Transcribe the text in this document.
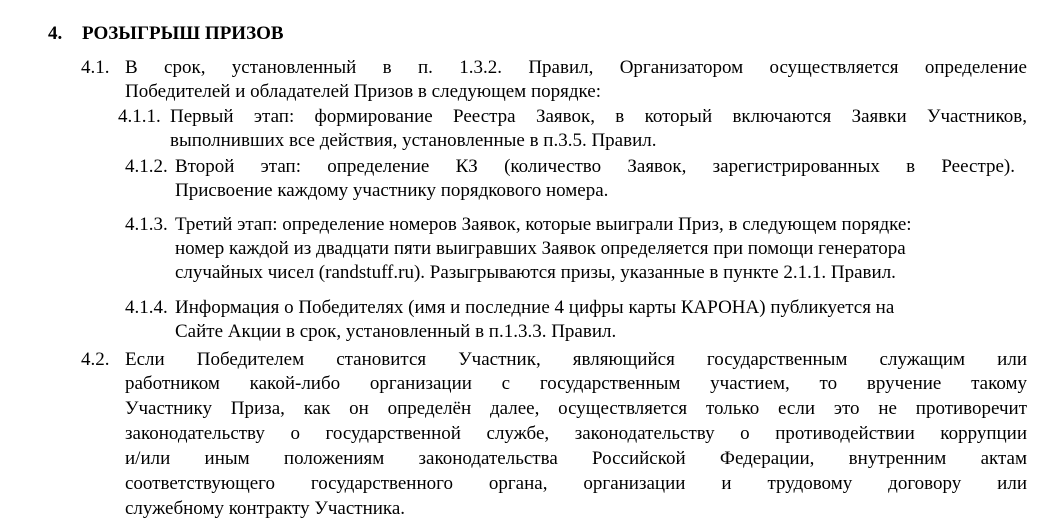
4. РОЗЫГРЫШ ПРИЗОВ
4.1. В срок, установленный в п. 1.3.2. Правил, Организатором осуществляется определение
Победителей и обладателей Призов в следующем порядке:
4.1.1. Первый этап: формирование Реестра Заявок, в который включаются Заявки Участников,
выполнивших все действия, установленные в п.3.5. Правил.
4.1.2. Второй этап: определение КЗ (количество Заявок, зарегистрированных в Реестре).
Присвоение каждому участнику порядкового номера.
4.1.3. Третий этап: определение номеров Заявок, которые выиграли Приз, в следующем порядке:
номер каждой из двадцати пяти выигравших Заявок определяется при помощи генератора
случайных чисел (randstuff.ru). Разыгрываются призы, указанные в пункте 2.1.1. Правил.
4.1.4. Информация о Победителях (имя и последние 4 цифры карты КАРОНА) публикуется на
Сайте Акции в срок, установленный в п.1.3.3. Правил.
4.2. Если Победителем становится Участник, являющийся государственным служащим или
работником какой-либо организации с государственным участием, то вручение такому
Участнику Приза, как он определён далее, осуществляется только если это не противоречит
законодательству о государственной службе, законодательству о противодействии коррупции
и/или иным положениям законодательства Российской Федерации, внутренним актам
соответствующего государственного органа, организации и трудовому договору или
служебному контракту Участника.
